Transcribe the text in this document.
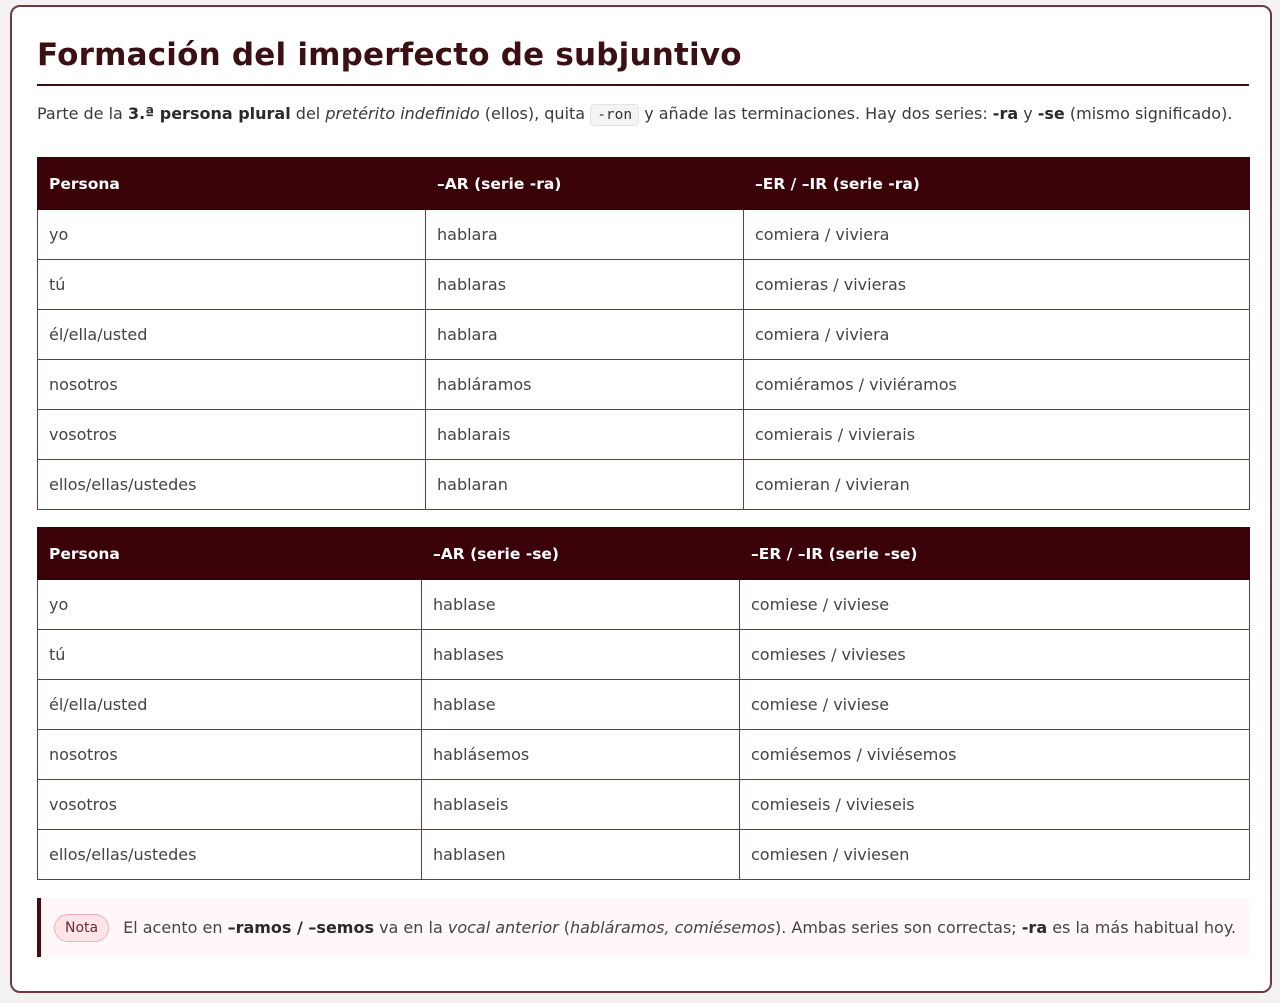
Formación del imperfecto de subjuntivo

Parte de la 3.ª persona plural del pretérito indefinido (ellos), quita -ron y añade las terminaciones. Hay dos series: -ra y -se (mismo significado).

Persona	–AR (serie -ra)	–ER / –IR (serie -ra)
yo	hablara	comiera / viviera
tú	hablaras	comieras / vivieras
él/ella/usted	hablara	comiera / viviera
nosotros	habláramos	comiéramos / viviéramos
vosotros	hablarais	comierais / vivierais
ellos/ellas/ustedes	hablaran	comieran / vivieran
Persona	–AR (serie -se)	–ER / –IR (serie -se)
yo	hablase	comiese / viviese
tú	hablases	comieses / vivieses
él/ella/usted	hablase	comiese / viviese
nosotros	hablásemos	comiésemos / viviésemos
vosotros	hablaseis	comieseis / vivieseis
ellos/ellas/ustedes	hablasen	comiesen / viviesen
Nota	El acento en –ramos / –semos va en la vocal anterior (habláramos, comiésemos). Ambas series son correctas; -ra es la más habitual hoy.
